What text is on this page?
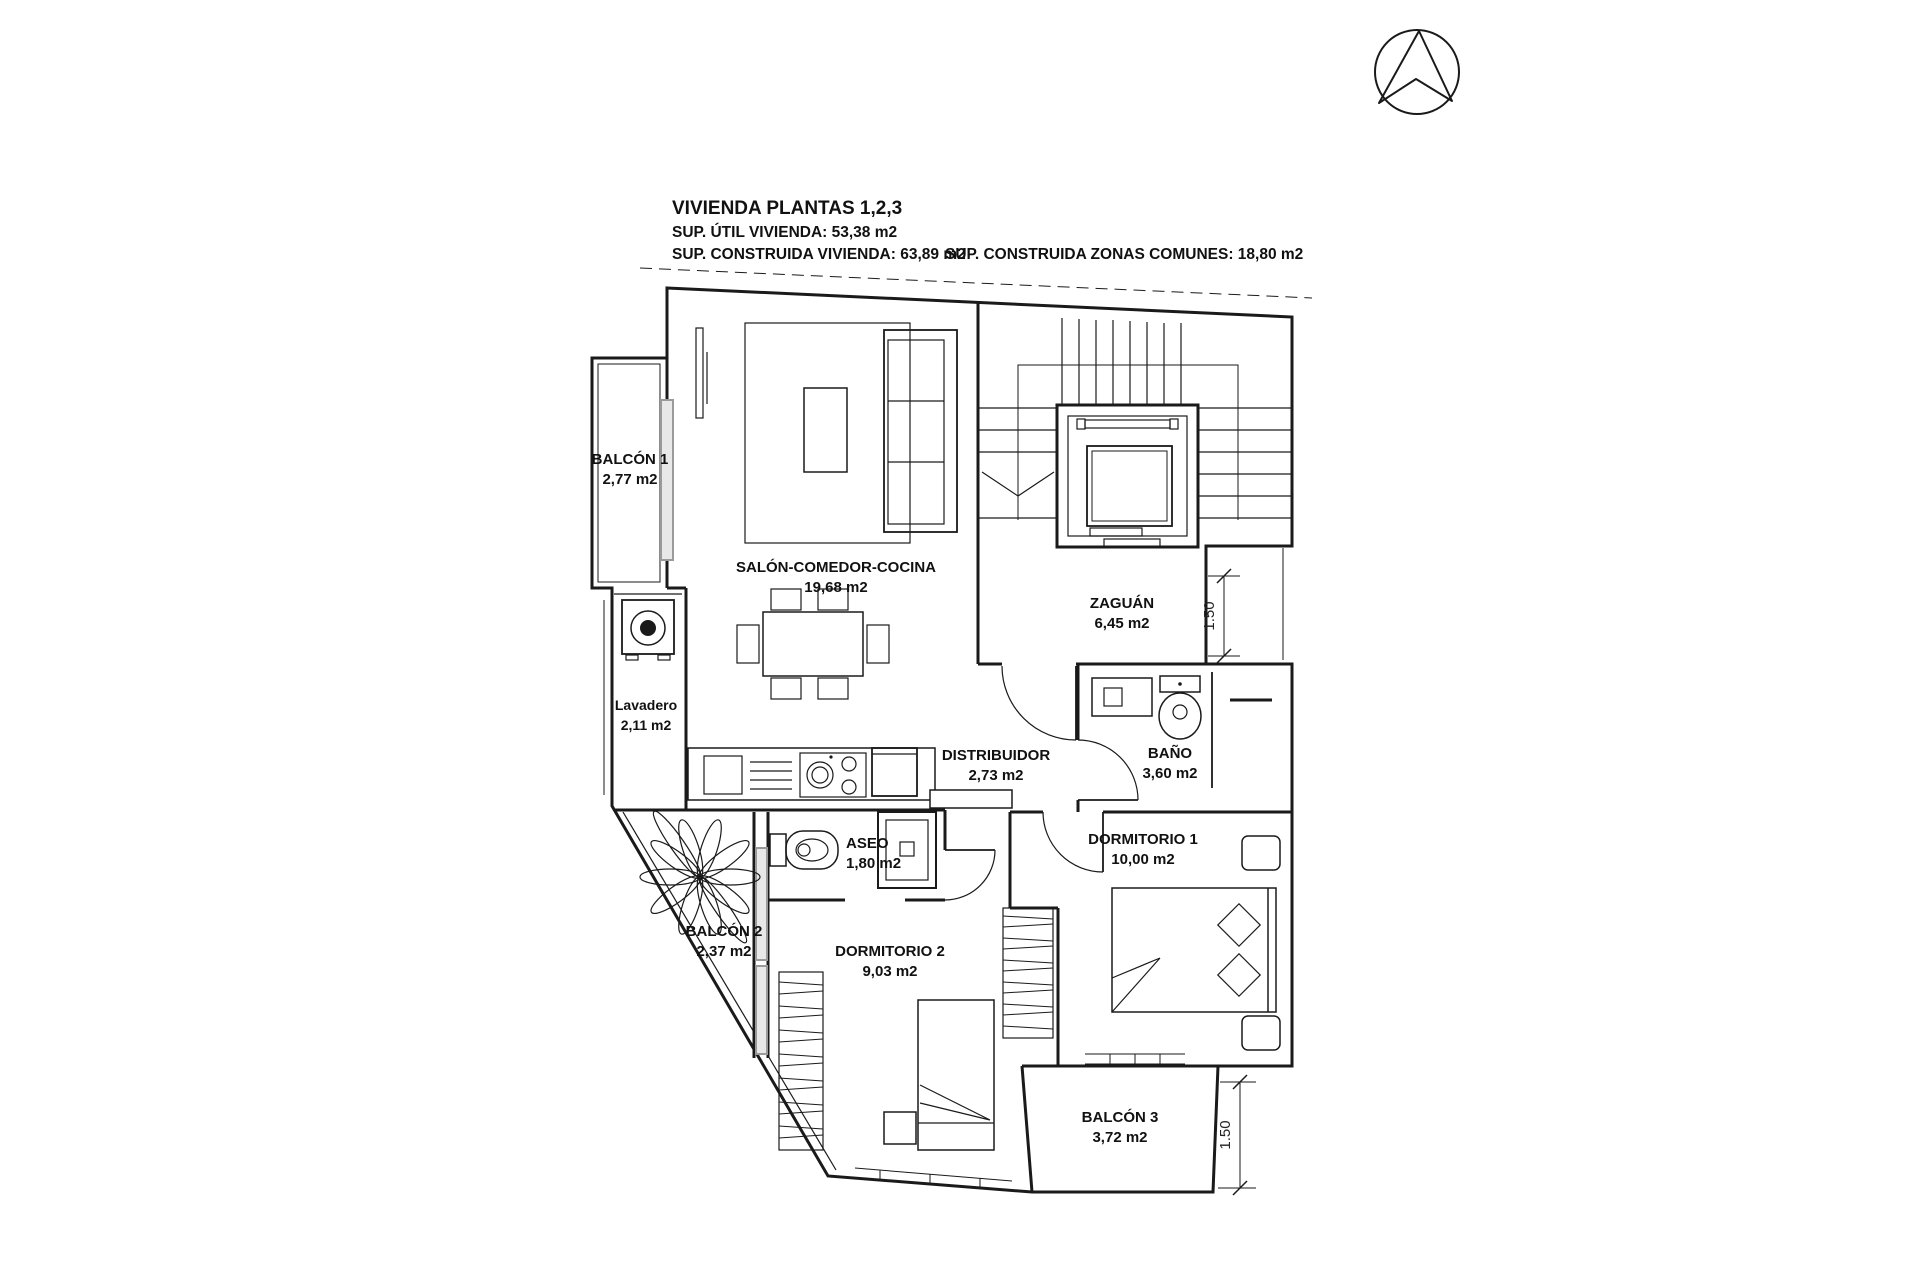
VIVIENDA PLANTAS 1,2,3
SUP. ÚTIL VIVIENDA: 53,38 m2
SUP. CONSTRUIDA VIVIENDA: 63,89 m2
SUP. CONSTRUIDA ZONAS COMUNES: 18,80 m2
1.50
1.50
BALCÓN 1
2,77 m2
SALÓN-COMEDOR-COCINA
19,68 m2
ZAGUÁN
6,45 m2
Lavadero
2,11 m2
DISTRIBUIDOR
2,73 m2
BAÑO
3,60 m2
ASEO
1,80 m2
DORMITORIO 1
10,00 m2
DORMITORIO 2
9,03 m2
BALCÓN 2
2,37 m2
BALCÓN 3
3,72 m2
